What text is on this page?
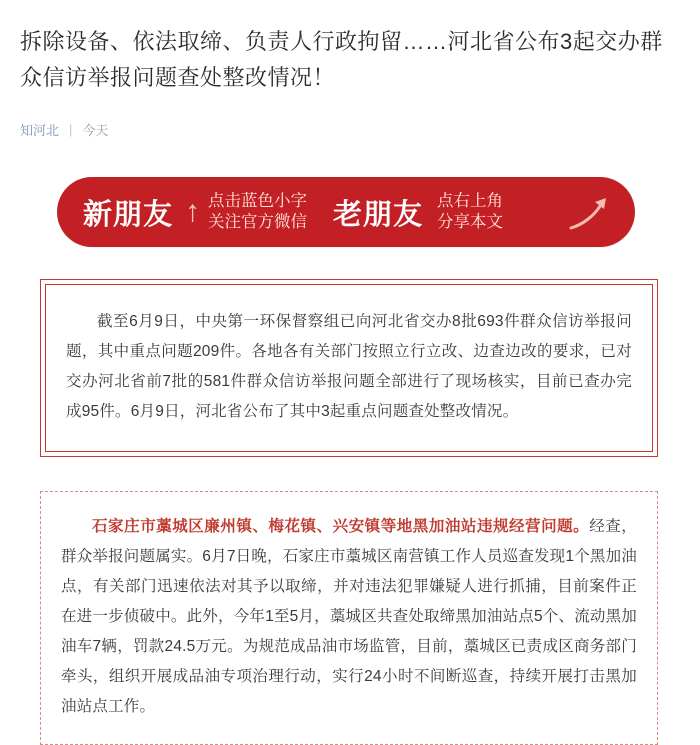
拆除设备、依法取缔、负责人行政拘留……河北省公布3起交办群众信访举报问题查处整改情况！
知河北 | 今天
新朋友 ↑ 点击蓝色小字
关注官方微信 老朋友 点右上角
分享本文

截至6月9日，中央第一环保督察组已向河北省交办8批693件群众信访举报问题，其中重点问题209件。各地各有关部门按照立行立改、边查边改的要求，已对交办河北省前7批的581件群众信访举报问题全部进行了现场核实，目前已查办完成95件。6月9日，河北省公布了其中3起重点问题查处整改情况。

石家庄市藁城区廉州镇、梅花镇、兴安镇等地黑加油站违规经营问题。经查，群众举报问题属实。6月7日晚，石家庄市藁城区南营镇工作人员巡查发现1个黑加油点，有关部门迅速依法对其予以取缔，并对违法犯罪嫌疑人进行抓捕，目前案件正在进一步侦破中。此外，今年1至5月，藁城区共查处取缔黑加油站点5个、流动黑加油车7辆，罚款24.5万元。为规范成品油市场监管，目前，藁城区已责成区商务部门牵头，组织开展成品油专项治理行动，实行24小时不间断巡查，持续开展打击黑加油站点工作。
